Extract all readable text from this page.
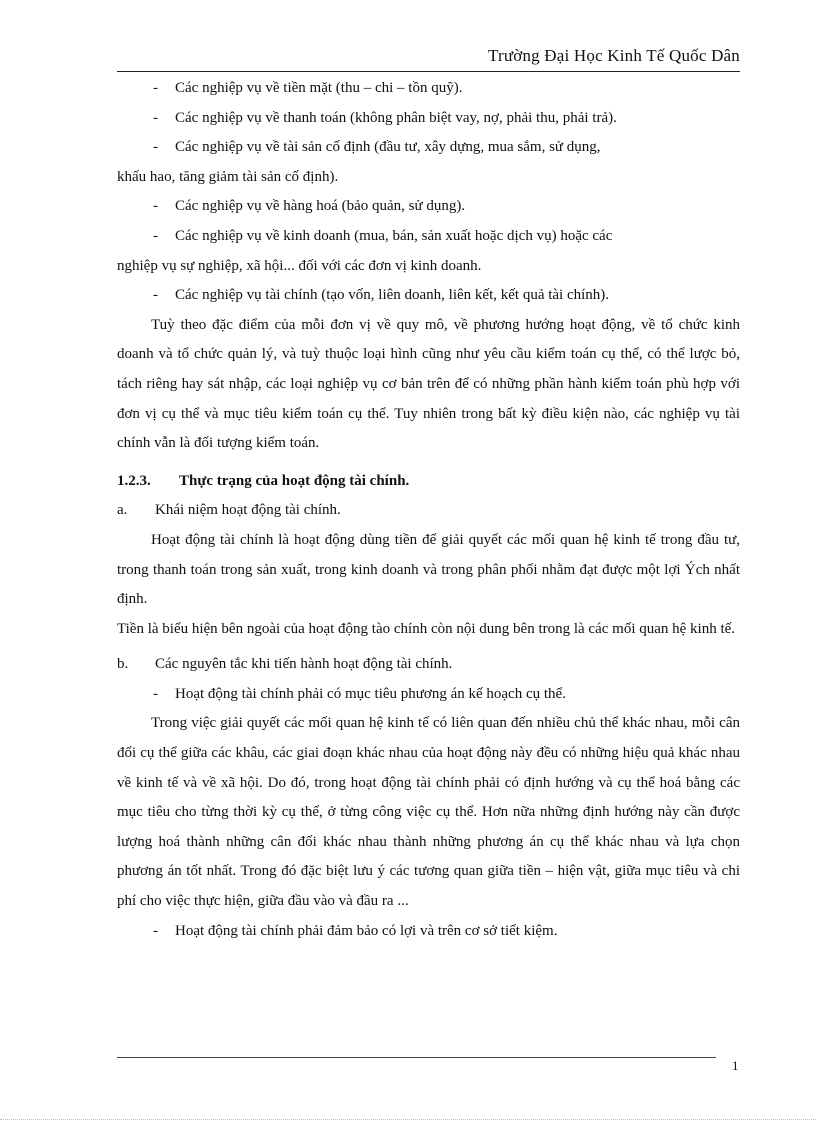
Trường Đại Học Kinh Tế Quốc Dân

- Các nghiệp vụ về tiền mặt (thu – chi – tồn quỹ).

- Các nghiệp vụ về thanh toán (không phân biệt vay, nợ, phải thu, phải trả).

- Các nghiệp vụ về tài sản cố định (đầu tư, xây dựng, mua sắm, sử dụng,

khấu hao, tăng giảm tài sản cố định).

- Các nghiệp vụ về hàng hoá (bảo quản, sử dụng).

- Các nghiệp vụ về kinh doanh (mua, bán, sản xuất hoặc dịch vụ) hoặc các

nghiệp vụ sự nghiệp, xã hội... đối với các đơn vị kinh doanh.

- Các nghiệp vụ tài chính (tạo vốn, liên doanh, liên kết, kết quả tài chính).

Tuỳ theo đặc điểm của mỗi đơn vị về quy mô, về phương hướng hoạt động, về tổ chức kinh doanh và tổ chức quản lý, và tuỳ thuộc loại hình cũng như yêu cầu kiểm toán cụ thể, có thể lược bỏ, tách riêng hay sát nhập, các loại nghiệp vụ cơ bản trên để có những phần hành kiểm toán phù hợp với đơn vị cụ thể và mục tiêu kiểm toán cụ thể. Tuy nhiên trong bất kỳ điều kiện nào, các nghiệp vụ tài chính vẫn là đối tượng kiểm toán.

1.2.3. Thực trạng của hoạt động tài chính.

a. Khái niệm hoạt động tài chính.

Hoạt động tài chính là hoạt động dùng tiền để giải quyết các mối quan hệ kinh tế trong đầu tư, trong thanh toán trong sản xuất, trong kinh doanh và trong phân phối nhằm đạt được một lợi Ých nhất định.

Tiền là biểu hiện bên ngoài của hoạt động tào chính còn nội dung bên trong là các mối quan hệ kinh tế.

b. Các nguyên tắc khi tiến hành hoạt động tài chính.

- Hoạt động tài chính phải có mục tiêu phương án kế hoạch cụ thể.

Trong việc giải quyết các mối quan hệ kinh tế có liên quan đến nhiều chủ thể khác nhau, mỗi cân đối cụ thể giữa các khâu, các giai đoạn khác nhau của hoạt động này đều có những hiệu quả khác nhau về kinh tế và về xã hội. Do đó, trong hoạt động tài chính phải có định hướng và cụ thể hoá bằng các mục tiêu cho từng thời kỳ cụ thể, ở từng công việc cụ thể. Hơn nữa những định hướng này cần được lượng hoá thành những cân đối khác nhau thành những phương án cụ thể khác nhau và lựa chọn phương án tốt nhất. Trong đó đặc biệt lưu ý các tương quan giữa tiền – hiện vật, giữa mục tiêu và chi phí cho việc thực hiện, giữa đầu vào và đầu ra ...

- Hoạt động tài chính phải đảm bảo có lợi và trên cơ sở tiết kiệm.

1
